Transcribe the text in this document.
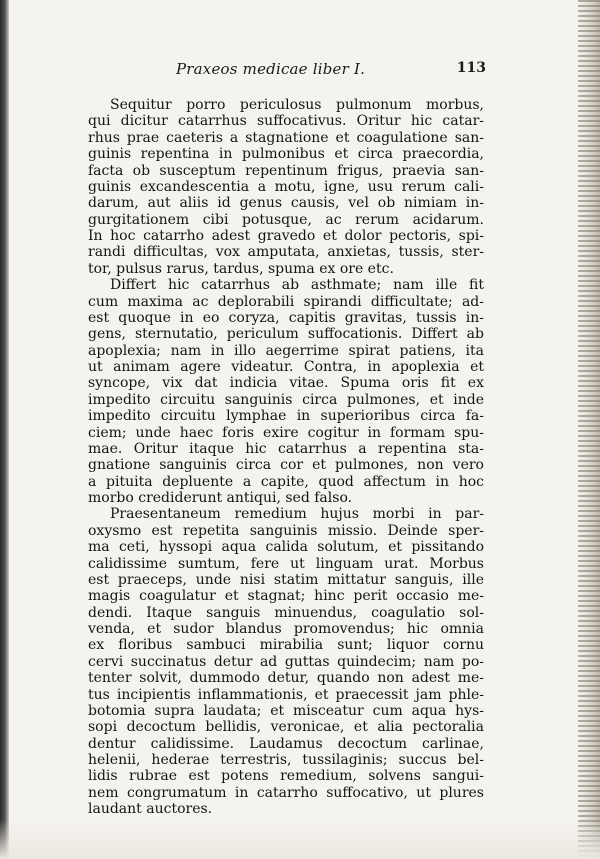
Praxeos medicae liber I.	113
Sequitur porro periculosus pulmonum morbus,
qui dicitur catarrhus suffocativus. Oritur hic catar-
rhus prae caeteris a stagnatione et coagulatione san-
guinis repentina in pulmonibus et circa praecordia,
facta ob susceptum repentinum frigus, praevia san-
guinis excandescentia a motu, igne, usu rerum cali-
darum, aut aliis id genus causis, vel ob nimiam in-
gurgitationem cibi potusque, ac rerum acidarum.
In hoc catarrho adest gravedo et dolor pectoris, spi-
randi difficultas, vox amputata, anxietas, tussis, ster-
tor, pulsus rarus, tardus, spuma ex ore etc.
Differt hic catarrhus ab asthmate; nam ille fit
cum maxima ac deplorabili spirandi difficultate; ad-
est quoque in eo coryza, capitis gravitas, tussis in-
gens, sternutatio, periculum suffocationis. Differt ab
apoplexia; nam in illo aegerrime spirat patiens, ita
ut animam agere videatur. Contra, in apoplexia et
syncope, vix dat indicia vitae. Spuma oris fit ex
impedito circuitu sanguinis circa pulmones, et inde
impedito circuitu lymphae in superioribus circa fa-
ciem; unde haec foris exire cogitur in formam spu-
mae. Oritur itaque hic catarrhus a repentina sta-
gnatione sanguinis circa cor et pulmones, non vero
a pituita depluente a capite, quod affectum in hoc
morbo crediderunt antiqui, sed falso.
Praesentaneum remedium hujus morbi in par-
oxysmo est repetita sanguinis missio. Deinde sper-
ma ceti, hyssopi aqua calida solutum, et pissitando
calidissime sumtum, fere ut linguam urat. Morbus
est praeceps, unde nisi statim mittatur sanguis, ille
magis coagulatur et stagnat; hinc perit occasio me-
dendi. Itaque sanguis minuendus, coagulatio sol-
venda, et sudor blandus promovendus; hic omnia
ex floribus sambuci mirabilia sunt; liquor cornu
cervi succinatus detur ad guttas quindecim; nam po-
tenter solvit, dummodo detur, quando non adest me-
tus incipientis inflammationis, et praecessit jam phle-
botomia supra laudata; et misceatur cum aqua hys-
sopi decoctum bellidis, veronicae, et alia pectoralia
dentur calidissime. Laudamus decoctum carlinae,
helenii, hederae terrestris, tussilaginis; succus bel-
lidis rubrae est potens remedium, solvens sangui-
nem congrumatum in catarrho suffocativo, ut plures
laudant auctores.
